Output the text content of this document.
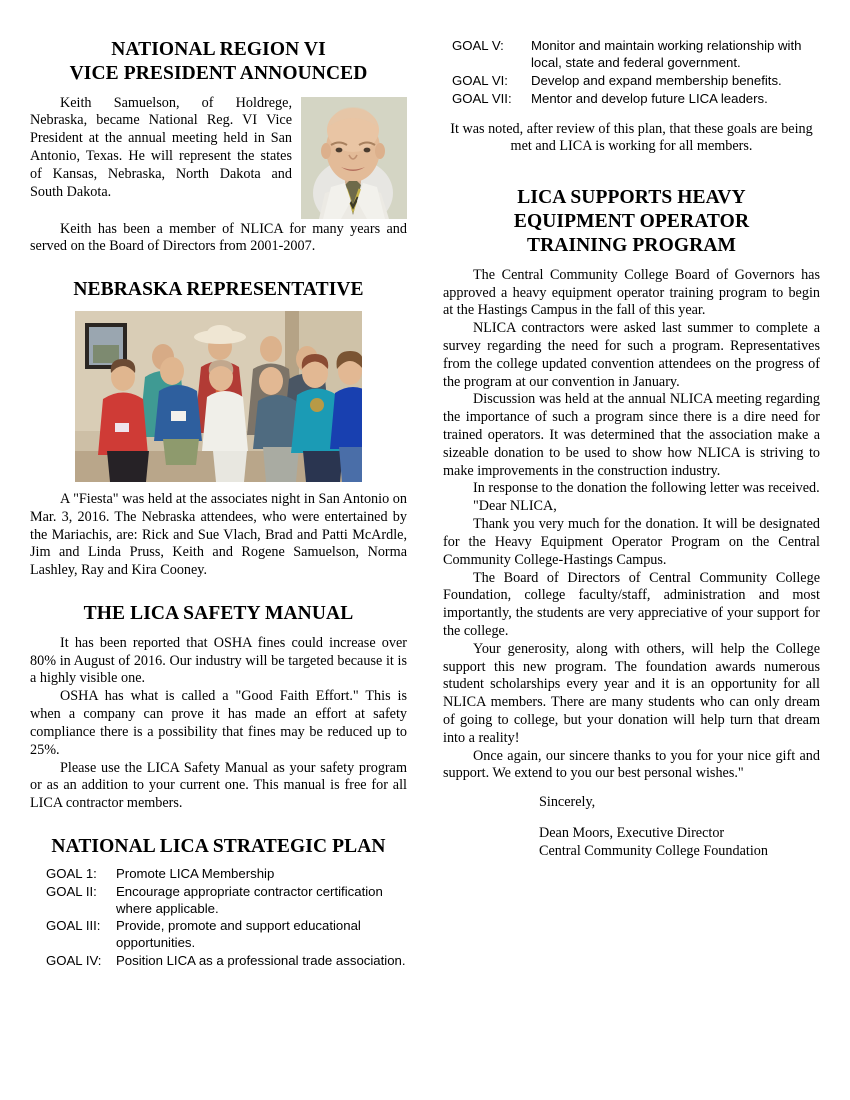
NATIONAL REGION VI
VICE PRESIDENT ANNOUNCED

Keith Samuelson, of Holdrege, Nebraska, became National Reg. VI Vice President at the annual meeting held in San Antonio, Texas. He will represent the states of Kansas, Nebraska, North Dakota and South Dakota.

Keith has been a member of NLICA for many years and served on the Board of Directors from 2001-2007.

NEBRASKA REPRESENTATIVE

A "Fiesta" was held at the associates night in San Antonio on Mar. 3, 2016. The Nebraska attendees, who were entertained by the Mariachis, are: Rick and Sue Vlach, Brad and Patti McArdle, Jim and Linda Pruss, Keith and Rogene Samuelson, Norma Lashley, Ray and Kira Cooney.

THE LICA SAFETY MANUAL

It has been reported that OSHA fines could increase over 80% in August of 2016. Our industry will be targeted because it is a highly visible one.

OSHA has what is called a "Good Faith Effort." This is when a company can prove it has made an effort at safety compliance there is a possibility that fines may be reduced up to 25%.

Please use the LICA Safety Manual as your safety program or as an addition to your current one. This manual is free for all LICA contractor members.

NATIONAL LICA STRATEGIC PLAN
GOAL 1:	Promote LICA Membership
GOAL II:	Encourage appropriate contractor certification where applicable.
GOAL III:	Provide, promote and support educational opportunities.
GOAL IV:	Position LICA as a professional trade association.
GOAL V:	Monitor and maintain working relationship with local, state and federal government.
GOAL VI:	Develop and expand membership benefits.
GOAL VII:	Mentor and develop future LICA leaders.

It was noted, after review of this plan, that these goals are being met and LICA is working for all members.

LICA SUPPORTS HEAVY
EQUIPMENT OPERATOR
TRAINING PROGRAM

The Central Community College Board of Governors has approved a heavy equipment operator training program to begin at the Hastings Campus in the fall of this year.

NLICA contractors were asked last summer to complete a survey regarding the need for such a program. Representatives from the college updated convention attendees on the progress of the program at our convention in January.

Discussion was held at the annual NLICA meeting regarding the importance of such a program since there is a dire need for trained operators. It was determined that the association make a sizeable donation to be used to show how NLICA is striving to make improvements in the construction industry.

In response to the donation the following letter was received.

"Dear NLICA,

Thank you very much for the donation. It will be designated for the Heavy Equipment Operator Program on the Central Community College-Hastings Campus.

The Board of Directors of Central Community College Foundation, college faculty/staff, administration and most importantly, the students are very appreciative of your support for the college.

Your generosity, along with others, will help the College support this new program. The foundation awards numerous student scholarships every year and it is an opportunity for all NLICA members. There are many students who can only dream of going to college, but your donation will help turn that dream into a reality!

Once again, our sincere thanks to you for your nice gift and support. We extend to you our best personal wishes."

Sincerely,
Dean Moors, Executive Director
Central Community College Foundation
